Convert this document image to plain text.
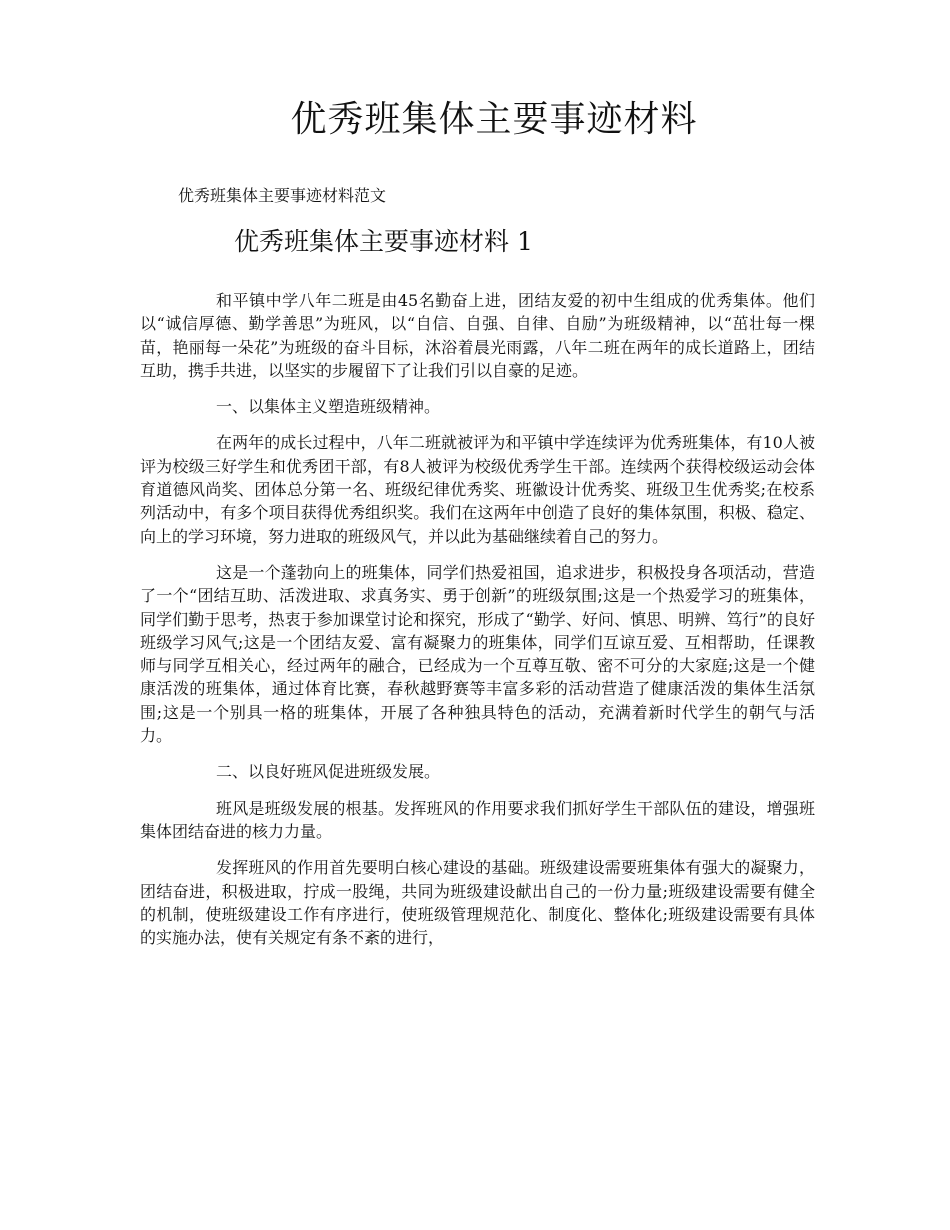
优秀班集体主要事迹材料

优秀班集体主要事迹材料范文

优秀班集体主要事迹材料 1

和平镇中学八年二班是由45名勤奋上进，团结友爱的初中生组成的优秀集体。他们以“诚信厚德、勤学善思”为班风，以“自信、自强、自律、自励”为班级精神，以“茁壮每一棵苗，艳丽每一朵花”为班级的奋斗目标，沐浴着晨光雨露，八年二班在两年的成长道路上，团结互助，携手共进，以坚实的步履留下了让我们引以自豪的足迹。

一、以集体主义塑造班级精神。

在两年的成长过程中，八年二班就被评为和平镇中学连续评为优秀班集体，有10人被评为校级三好学生和优秀团干部，有8人被评为校级优秀学生干部。连续两个获得校级运动会体育道德风尚奖、团体总分第一名、班级纪律优秀奖、班徽设计优秀奖、班级卫生优秀奖;在校系列活动中，有多个项目获得优秀组织奖。我们在这两年中创造了良好的集体氛围，积极、稳定、向上的学习环境，努力进取的班级风气，并以此为基础继续着自己的努力。

这是一个蓬勃向上的班集体，同学们热爱祖国，追求进步，积极投身各项活动，营造了一个“团结互助、活泼进取、求真务实、勇于创新”的班级氛围;这是一个热爱学习的班集体，同学们勤于思考，热衷于参加课堂讨论和探究，形成了“勤学、好问、慎思、明辨、笃行”的良好班级学习风气;这是一个团结友爱、富有凝聚力的班集体，同学们互谅互爱、互相帮助，任课教师与同学互相关心，经过两年的融合，已经成为一个互尊互敬、密不可分的大家庭;这是一个健康活泼的班集体，通过体育比赛，春秋越野赛等丰富多彩的活动营造了健康活泼的集体生活氛围;这是一个别具一格的班集体，开展了各种独具特色的活动，充满着新时代学生的朝气与活力。

二、以良好班风促进班级发展。

班风是班级发展的根基。发挥班风的作用要求我们抓好学生干部队伍的建设，增强班集体团结奋进的核力力量。

发挥班风的作用首先要明白核心建设的基础。班级建设需要班集体有强大的凝聚力，团结奋进，积极进取，拧成一股绳，共同为班级建设献出自己的一份力量;班级建设需要有健全的机制，使班级建设工作有序进行，使班级管理规范化、制度化、整体化;班级建设需要有具体的实施办法，使有关规定有条不紊的进行，
